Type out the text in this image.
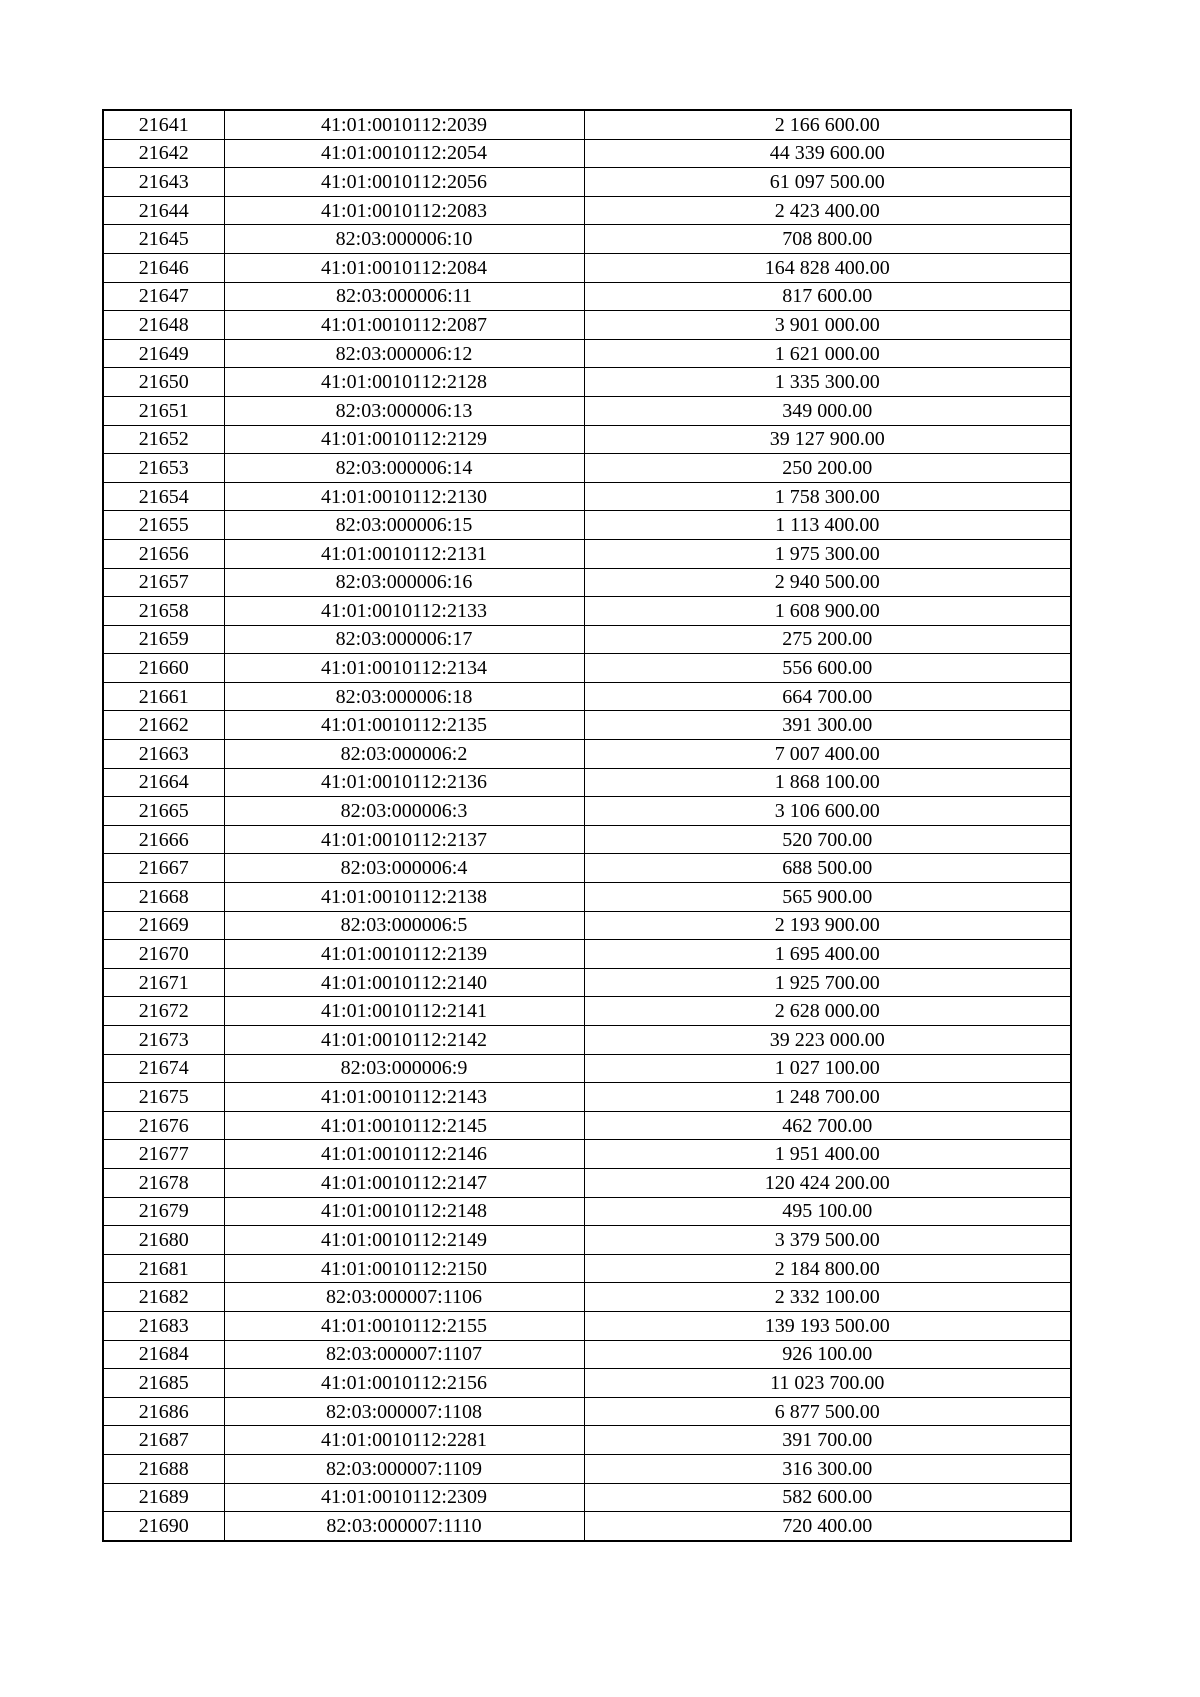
21641	41:01:0010112:2039	2 166 600.00
21642	41:01:0010112:2054	44 339 600.00
21643	41:01:0010112:2056	61 097 500.00
21644	41:01:0010112:2083	2 423 400.00
21645	82:03:000006:10	708 800.00
21646	41:01:0010112:2084	164 828 400.00
21647	82:03:000006:11	817 600.00
21648	41:01:0010112:2087	3 901 000.00
21649	82:03:000006:12	1 621 000.00
21650	41:01:0010112:2128	1 335 300.00
21651	82:03:000006:13	349 000.00
21652	41:01:0010112:2129	39 127 900.00
21653	82:03:000006:14	250 200.00
21654	41:01:0010112:2130	1 758 300.00
21655	82:03:000006:15	1 113 400.00
21656	41:01:0010112:2131	1 975 300.00
21657	82:03:000006:16	2 940 500.00
21658	41:01:0010112:2133	1 608 900.00
21659	82:03:000006:17	275 200.00
21660	41:01:0010112:2134	556 600.00
21661	82:03:000006:18	664 700.00
21662	41:01:0010112:2135	391 300.00
21663	82:03:000006:2	7 007 400.00
21664	41:01:0010112:2136	1 868 100.00
21665	82:03:000006:3	3 106 600.00
21666	41:01:0010112:2137	520 700.00
21667	82:03:000006:4	688 500.00
21668	41:01:0010112:2138	565 900.00
21669	82:03:000006:5	2 193 900.00
21670	41:01:0010112:2139	1 695 400.00
21671	41:01:0010112:2140	1 925 700.00
21672	41:01:0010112:2141	2 628 000.00
21673	41:01:0010112:2142	39 223 000.00
21674	82:03:000006:9	1 027 100.00
21675	41:01:0010112:2143	1 248 700.00
21676	41:01:0010112:2145	462 700.00
21677	41:01:0010112:2146	1 951 400.00
21678	41:01:0010112:2147	120 424 200.00
21679	41:01:0010112:2148	495 100.00
21680	41:01:0010112:2149	3 379 500.00
21681	41:01:0010112:2150	2 184 800.00
21682	82:03:000007:1106	2 332 100.00
21683	41:01:0010112:2155	139 193 500.00
21684	82:03:000007:1107	926 100.00
21685	41:01:0010112:2156	11 023 700.00
21686	82:03:000007:1108	6 877 500.00
21687	41:01:0010112:2281	391 700.00
21688	82:03:000007:1109	316 300.00
21689	41:01:0010112:2309	582 600.00
21690	82:03:000007:1110	720 400.00
